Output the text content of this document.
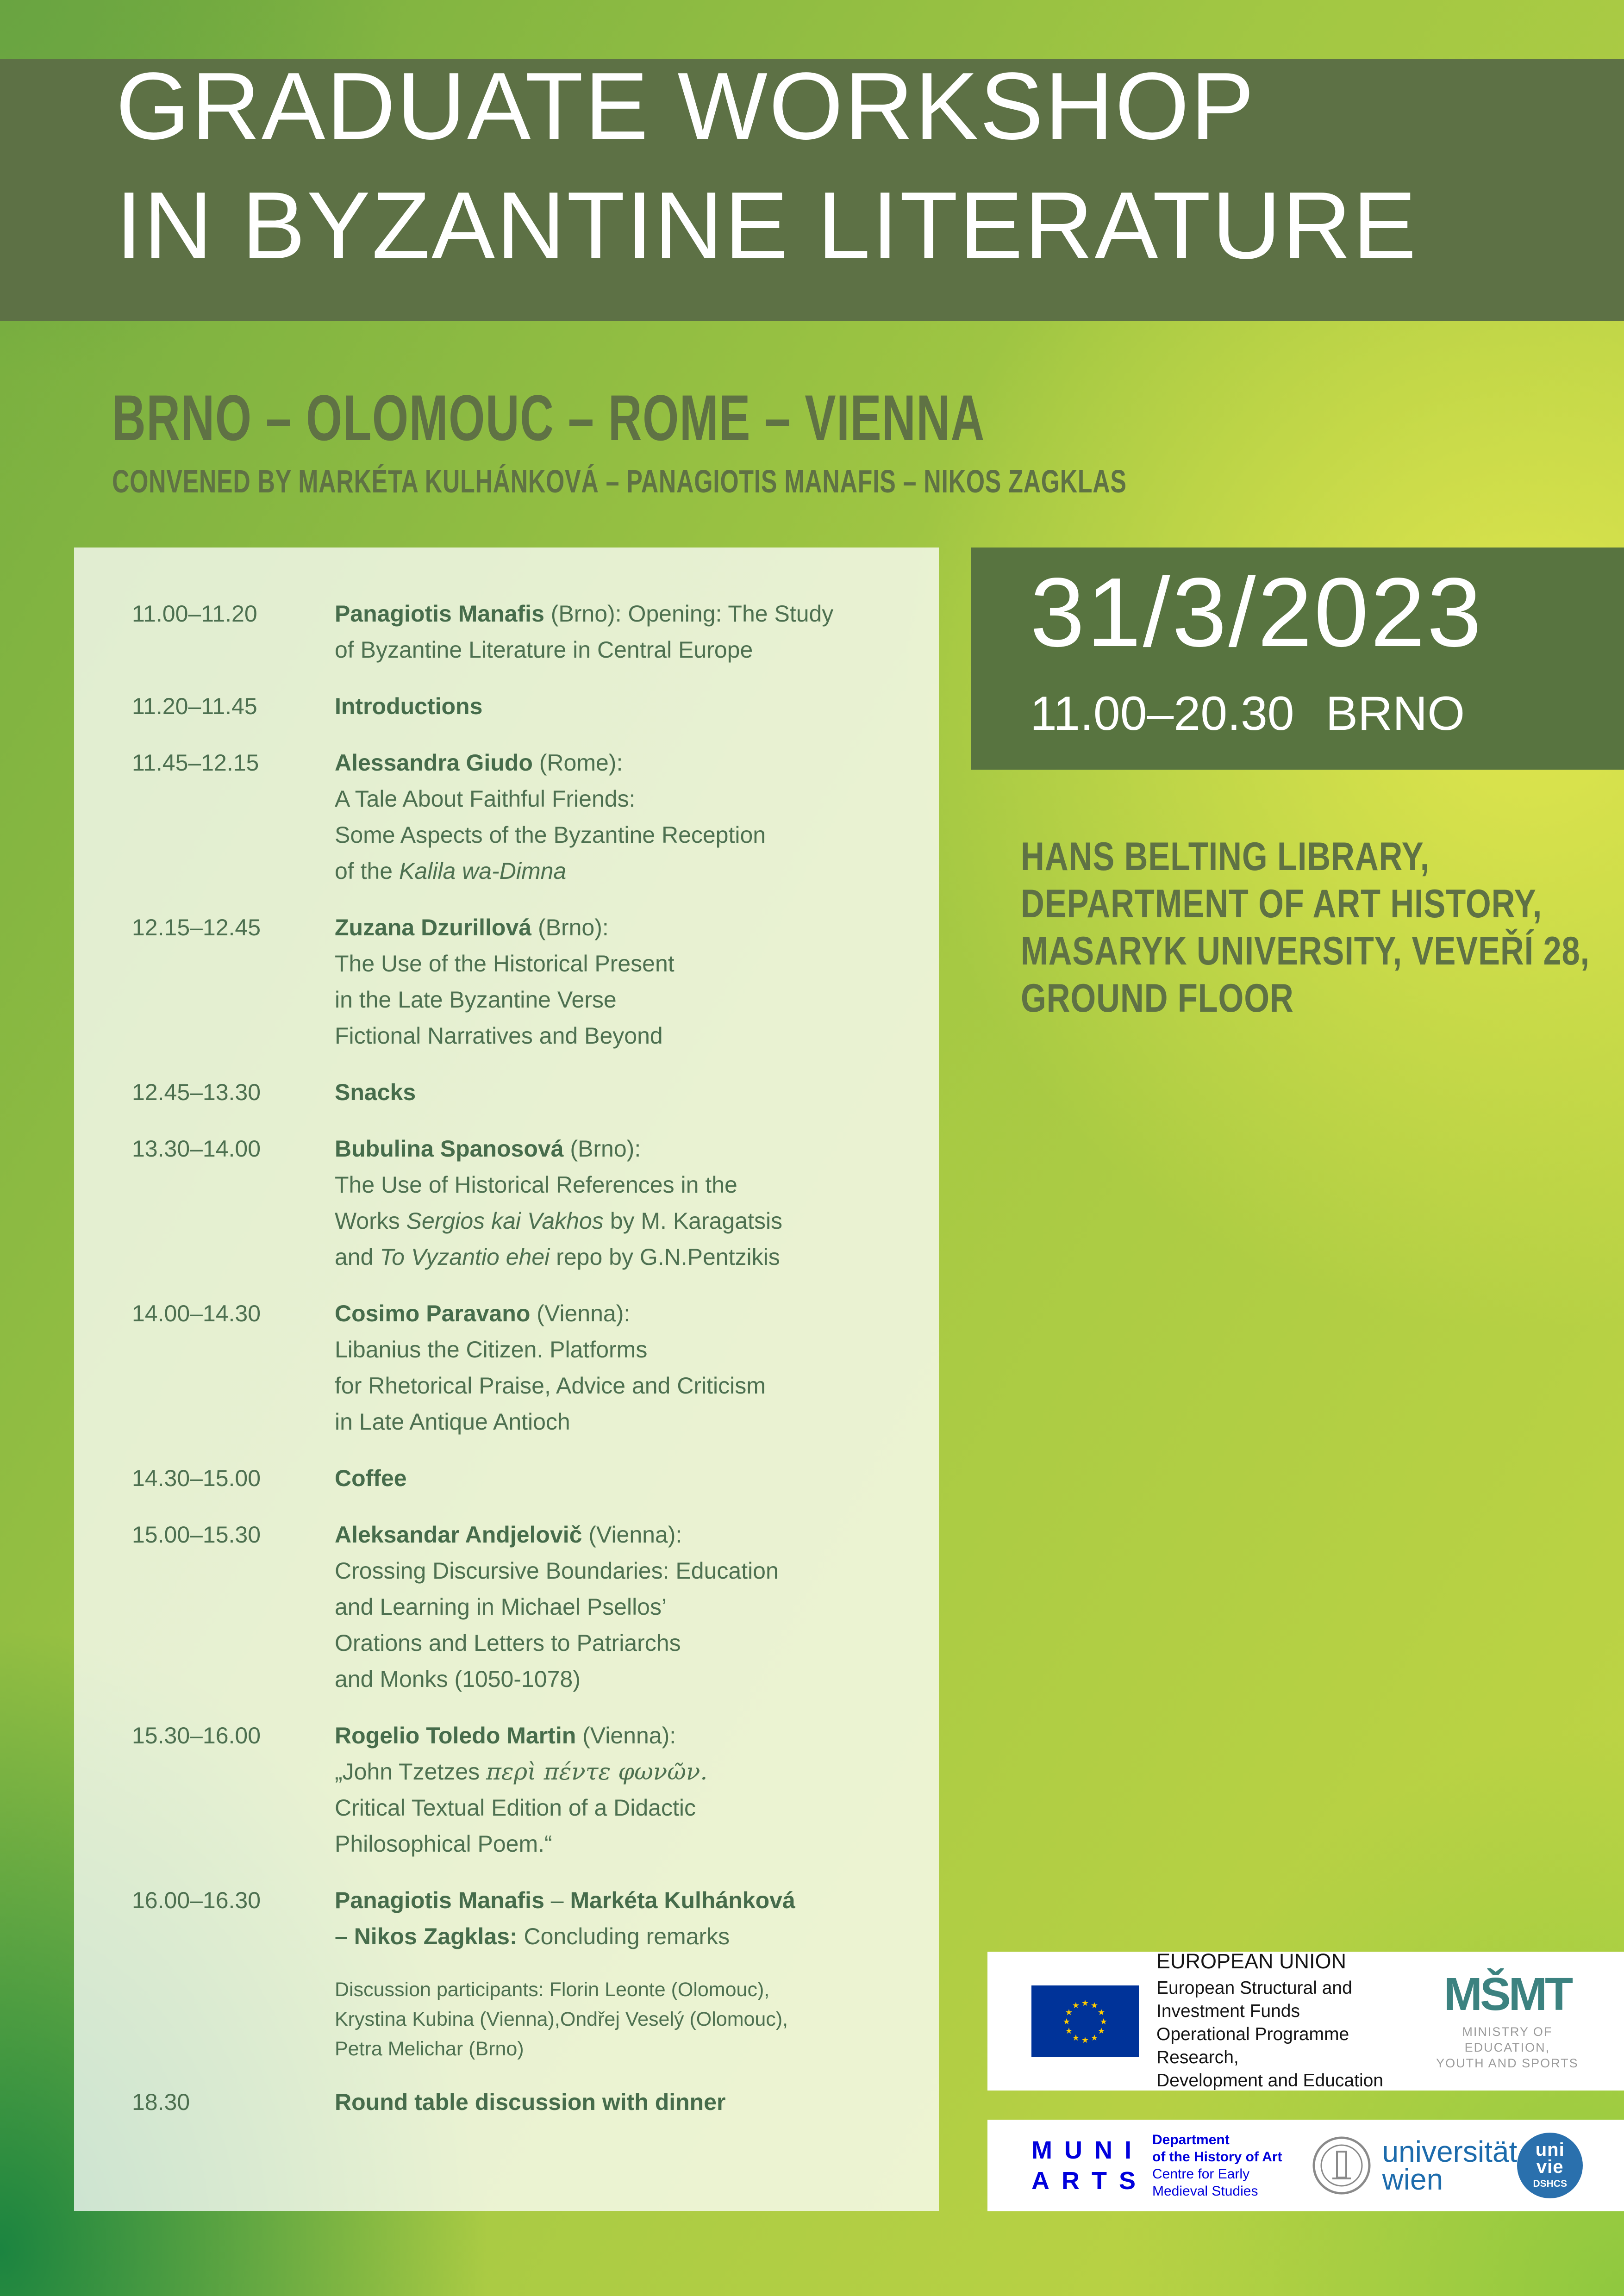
GRADUATE WORKSHOP
IN BYZANTINE LITERATURE
BRNO – OLOMOUC – ROME – VIENNA
CONVENED BY MARKÉTA KULHÁNKOVÁ – PANAGIOTIS MANAFIS – NIKOS ZAGKLAS
11.00–11.20	Panagiotis Manafis (Brno): Opening: The Study
of Byzantine Literature in Central Europe
11.20–11.45	Introductions
11.45–12.15	Alessandra Giudo (Rome):
A Tale About Faithful Friends:
Some Aspects of the Byzantine Reception
of the Kalila wa-Dimna
12.15–12.45	Zuzana Dzurillová (Brno):
The Use of the Historical Present
in the Late Byzantine Verse
Fictional Narratives and Beyond
12.45–13.30	Snacks
13.30–14.00	Bubulina Spanosová (Brno):
The Use of Historical References in the
Works Sergios kai Vakhos by M. Karagatsis
and To Vyzantio ehei repo by G.N.Pentzikis
14.00–14.30	Cosimo Paravano (Vienna):
Libanius the Citizen. Platforms
for Rhetorical Praise, Advice and Criticism
in Late Antique Antioch
14.30–15.00	Coffee
15.00–15.30	Aleksandar Andjelovič (Vienna):
Crossing Discursive Boundaries: Education
and Learning in Michael Psellos’
Orations and Letters to Patriarchs
and Monks (1050-1078)
15.30–16.00	Rogelio Toledo Martin (Vienna):
„John Tzetzes περὶ πέντε φωνῶν.
Critical Textual Edition of a Didactic
Philosophical Poem.“
16.00–16.30	Panagiotis Manafis – Markéta Kulhánková
– Nikos Zagklas: Concluding remarks
Discussion participants: Florin Leonte (Olomouc),
Krystina Kubina (Vienna),Ondřej Veselý (Olomouc),
Petra Melichar (Brno)
18.30	Round table discussion with dinner
31/3/2023
11.00–20.30 BRNO
HANS BELTING LIBRARY,
DEPARTMENT OF ART HISTORY,
MASARYK UNIVERSITY, VEVEŘÍ 28,
GROUND FLOOR
★ ★
★
★
★
★
★
★
★
★
★
★
EUROPEAN UNION
European Structural and Investment Funds
Operational Programme Research,
Development and Education
MŠMT
MINISTRY OF EDUCATION,
YOUTH AND SPORTS
MUNI
ARTS
Department
of the History of Art
Centre for Early
Medieval Studies
universität
wien
uni
vie
DSHCS
